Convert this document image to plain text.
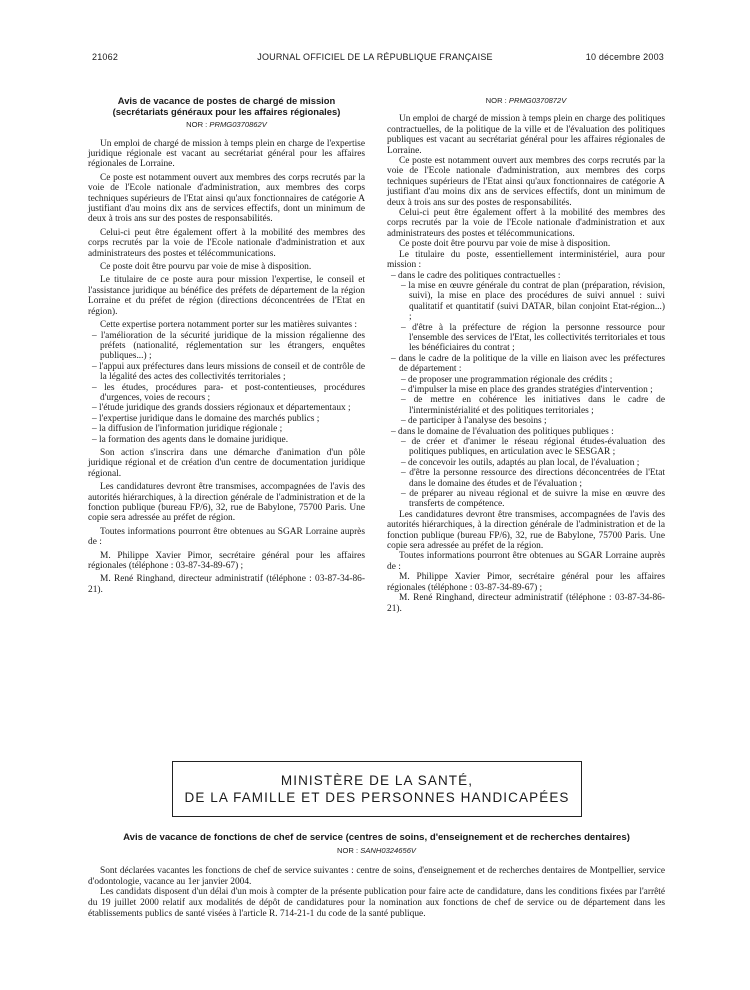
21062	JOURNAL OFFICIEL DE LA RÉPUBLIQUE FRANÇAISE	10 décembre 2003
Avis de vacance de postes de chargé de mission
(secrétariats généraux pour les affaires régionales)
NOR : PRMG0370862V

Un emploi de chargé de mission à temps plein en charge de l'expertise juridique régionale est vacant au secrétariat général pour les affaires régionales de Lorraine.

Ce poste est notamment ouvert aux membres des corps recrutés par la voie de l'Ecole nationale d'administration, aux membres des corps techniques supérieurs de l'Etat ainsi qu'aux fonctionnaires de catégorie A justifiant d'au moins dix ans de services effectifs, dont un minimum de deux à trois ans sur des postes de responsabilités.

Celui-ci peut être également offert à la mobilité des membres des corps recrutés par la voie de l'Ecole nationale d'administration et aux administrateurs des postes et télécommunications.

Ce poste doit être pourvu par voie de mise à disposition.

Le titulaire de ce poste aura pour mission l'expertise, le conseil et l'assistance juridique au bénéfice des préfets de département de la région Lorraine et du préfet de région (directions déconcentrées de l'Etat en région).

Cette expertise portera notamment porter sur les matières suivantes :

– l'amélioration de la sécurité juridique de la mission régalienne des préfets (nationalité, réglementation sur les étrangers, enquêtes publiques...) ;
– l'appui aux préfectures dans leurs missions de conseil et de contrôle de la légalité des actes des collectivités territoriales ;
– les études, procédures para- et post-contentieuses, procédures d'urgences, voies de recours ;
– l'étude juridique des grands dossiers régionaux et départementaux ;
– l'expertise juridique dans le domaine des marchés publics ;
– la diffusion de l'information juridique régionale ;
– la formation des agents dans le domaine juridique.

Son action s'inscrira dans une démarche d'animation d'un pôle juridique régional et de création d'un centre de documentation juridique régional.

Les candidatures devront être transmises, accompagnées de l'avis des autorités hiérarchiques, à la direction générale de l'administration et de la fonction publique (bureau FP/6), 32, rue de Babylone, 75700 Paris. Une copie sera adressée au préfet de région.

Toutes informations pourront être obtenues au SGAR Lorraine auprès de :

M. Philippe Xavier Pimor, secrétaire général pour les affaires régionales (téléphone : 03-87-34-89-67) ;

M. René Ringhand, directeur administratif (téléphone : 03-87-34-86-21).

NOR : PRMG0370872V

Un emploi de chargé de mission à temps plein en charge des politiques contractuelles, de la politique de la ville et de l'évaluation des politiques publiques est vacant au secrétariat général pour les affaires régionales de Lorraine.

Ce poste est notamment ouvert aux membres des corps recrutés par la voie de l'Ecole nationale d'administration, aux membres des corps techniques supérieurs de l'Etat ainsi qu'aux fonctionnaires de catégorie A justifiant d'au moins dix ans de services effectifs, dont un minimum de deux à trois ans sur des postes de responsabilités.

Celui-ci peut être également offert à la mobilité des membres des corps recrutés par la voie de l'Ecole nationale d'administration et aux administrateurs des postes et télécommunications.

Ce poste doit être pourvu par voie de mise à disposition.

Le titulaire du poste, essentiellement interministériel, aura pour mission :

– dans le cadre des politiques contractuelles :
– la mise en œuvre générale du contrat de plan (préparation, révision, suivi), la mise en place des procédures de suivi annuel : suivi qualitatif et quantitatif (suivi DATAR, bilan conjoint Etat-région...) ;
– d'être à la préfecture de région la personne ressource pour l'ensemble des services de l'Etat, les collectivités territoriales et tous les bénéficiaires du contrat ;
– dans le cadre de la politique de la ville en liaison avec les préfectures de département :
– de proposer une programmation régionale des crédits ;
– d'impulser la mise en place des grandes stratégies d'intervention ;
– de mettre en cohérence les initiatives dans le cadre de l'interministérialité et des politiques territoriales ;
– de participer à l'analyse des besoins ;
– dans le domaine de l'évaluation des politiques publiques :
– de créer et d'animer le réseau régional études-évaluation des politiques publiques, en articulation avec le SESGAR ;
– de concevoir les outils, adaptés au plan local, de l'évaluation ;
– d'être la personne ressource des directions déconcentrées de l'Etat dans le domaine des études et de l'évaluation ;
– de préparer au niveau régional et de suivre la mise en œuvre des transferts de compétence.

Les candidatures devront être transmises, accompagnées de l'avis des autorités hiérarchiques, à la direction générale de l'administration et de la fonction publique (bureau FP/6), 32, rue de Babylone, 75700 Paris. Une copie sera adressée au préfet de la région.

Toutes informations pourront être obtenues au SGAR Lorraine auprès de :

M. Philippe Xavier Pimor, secrétaire général pour les affaires régionales (téléphone : 03-87-34-89-67) ;

M. René Ringhand, directeur administratif (téléphone : 03-87-34-86-21).

MINISTÈRE DE LA SANTÉ,
DE LA FAMILLE ET DES PERSONNES HANDICAPÉES
Avis de vacance de fonctions de chef de service (centres de soins, d'enseignement et de recherches dentaires)
NOR : SANH0324656V

Sont déclarées vacantes les fonctions de chef de service suivantes : centre de soins, d'enseignement et de recherches dentaires de Montpellier, service d'odontologie, vacance au 1er janvier 2004.

Les candidats disposent d'un délai d'un mois à compter de la présente publication pour faire acte de candidature, dans les conditions fixées par l'arrêté du 19 juillet 2000 relatif aux modalités de dépôt de candidatures pour la nomination aux fonctions de chef de service ou de département dans les établissements publics de santé visées à l'article R. 714-21-1 du code de la santé publique.
